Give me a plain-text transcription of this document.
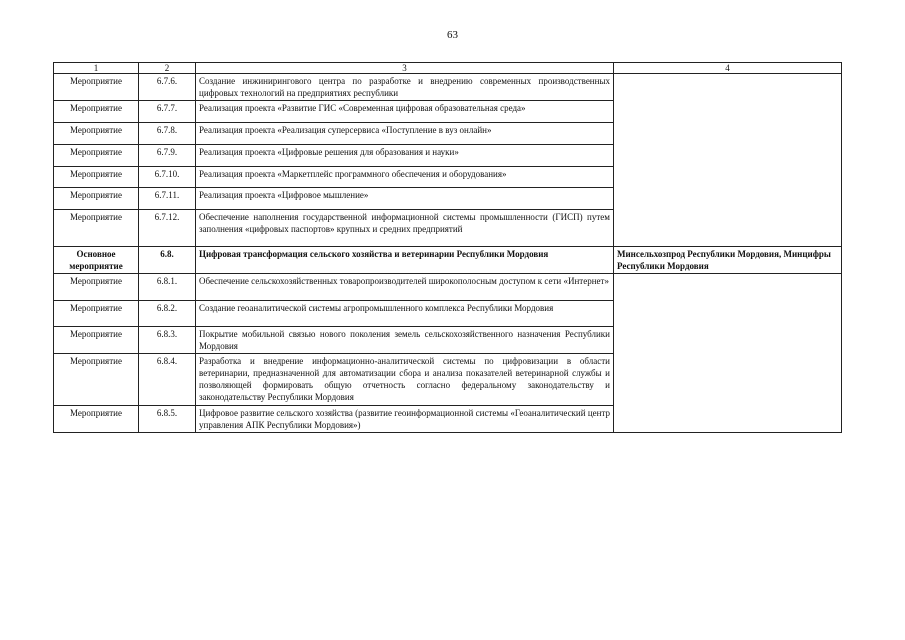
63
1	2	3	4
Мероприятие	6.7.6.	Создание инжинирингового центра по разработке и внедрению современных производственных цифровых технологий на предприятиях республики	
Мероприятие	6.7.7.	Реализация проекта «Развитие ГИС «Современная цифровая образовательная среда»	
Мероприятие	6.7.8.	Реализация проекта «Реализация суперсервиса «Поступление в вуз онлайн»	
Мероприятие	6.7.9.	Реализация проекта «Цифровые решения для образования и науки»	
Мероприятие	6.7.10.	Реализация проекта «Маркетплейс программного обеспечения и оборудования»	
Мероприятие	6.7.11.	Реализация проекта «Цифровое мышление»	
Мероприятие	6.7.12.	Обеспечение наполнения государственной информационной системы промышленности (ГИСП) путем заполнения «цифровых паспортов» крупных и средних предприятий	
Основное мероприятие	6.8.	Цифровая трансформация сельского хозяйства и ветеринарии Республики Мордовия	Минсельхозпрод Республики Мордовия, Минцифры Республики Мордовия
Мероприятие	6.8.1.	Обеспечение сельскохозяйственных товаропроизводителей широкополосным доступом к сети «Интернет»	
Мероприятие	6.8.2.	Создание геоаналитической системы агропромышленного комплекса Республики Мордовия	
Мероприятие	6.8.3.	Покрытие мобильной связью нового поколения земель сельскохозяйственного назначения Республики Мордовия	
Мероприятие	6.8.4.	Разработка и внедрение информационно-аналитической системы по цифровизации в области ветеринарии, предназначенной для автоматизации сбора и анализа показателей ветеринарной службы и позволяющей формировать общую отчетность согласно федеральному законодательству и законодательству Республики Мордовия	
Мероприятие	6.8.5.	Цифровое развитие сельского хозяйства (развитие геоинформационной системы «Геоаналитический центр управления АПК Республики Мордовия»)	
